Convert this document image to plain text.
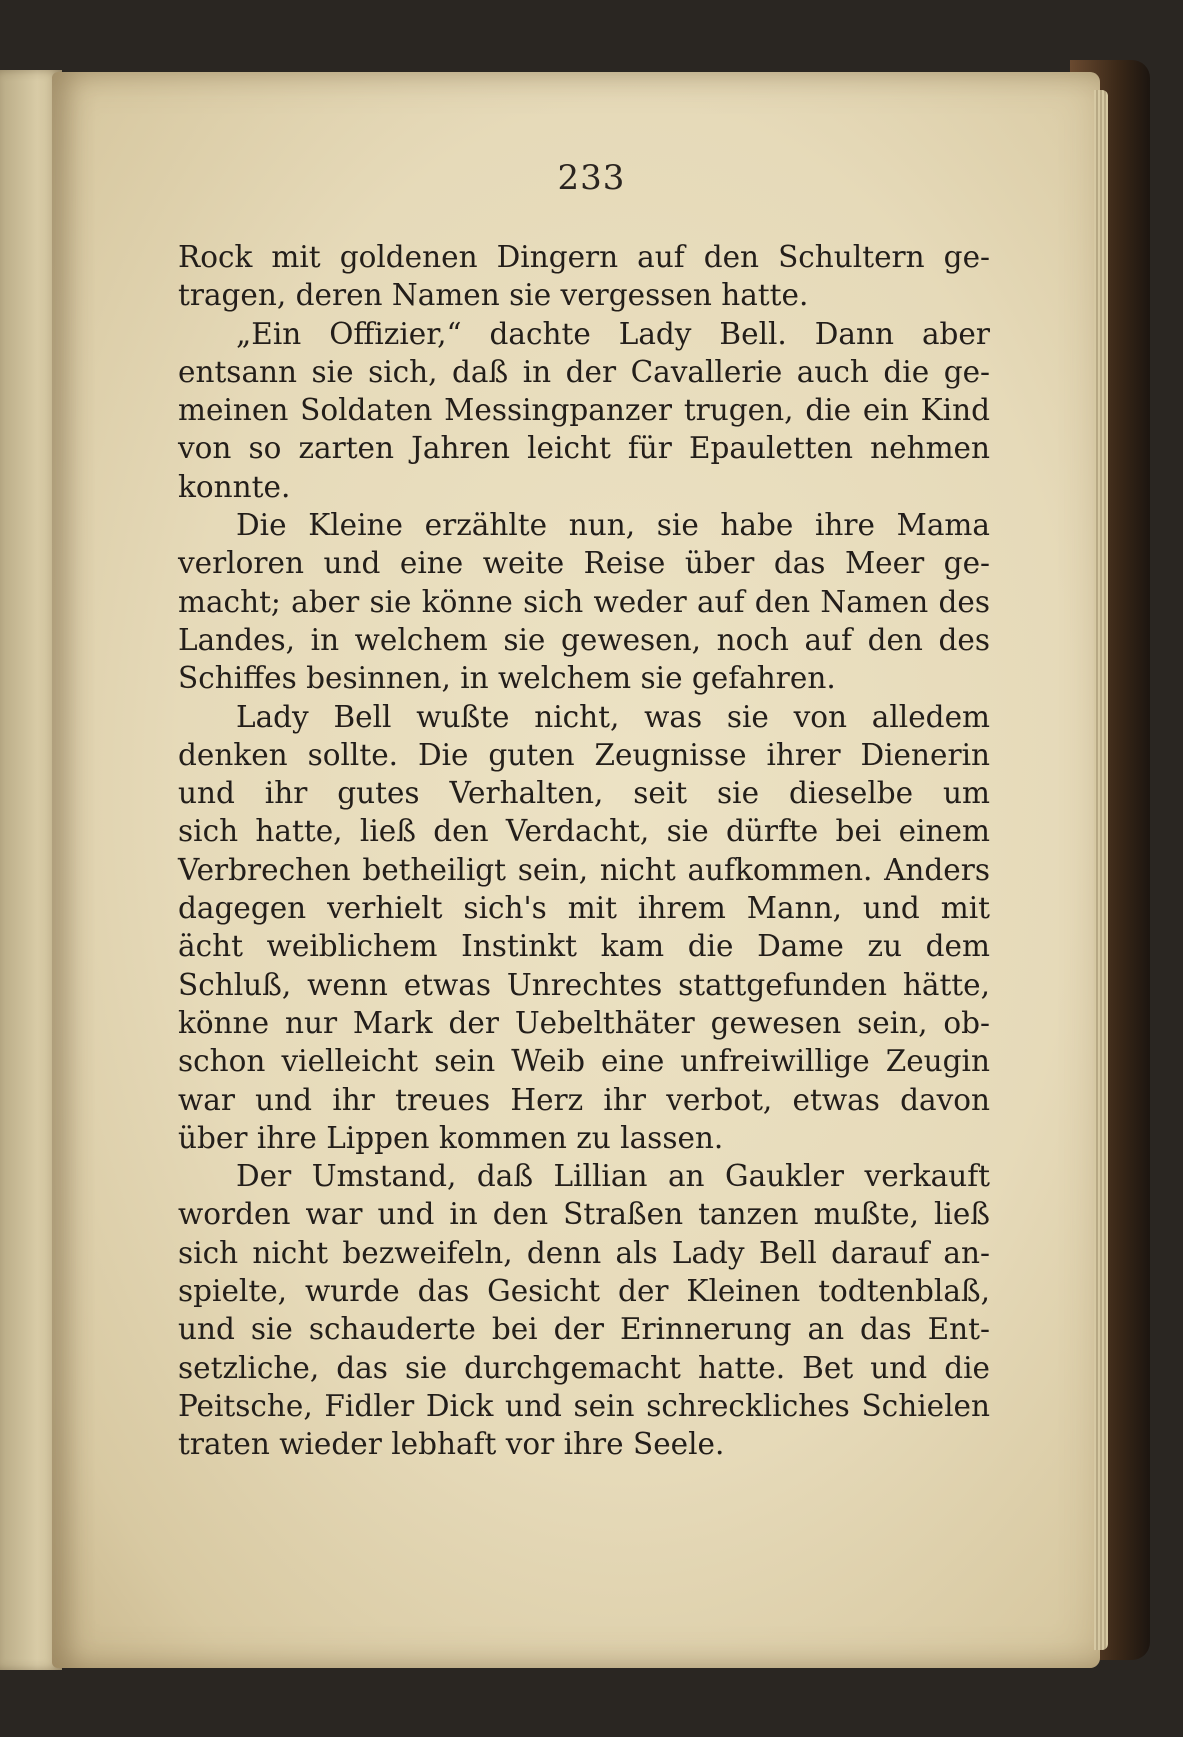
233
Rock mit goldenen Dingern auf den Schultern ge-
tragen, deren Namen sie vergessen hatte.
„Ein Offizier,“ dachte Lady Bell. Dann aber
entsann sie sich, daß in der Cavallerie auch die ge-
meinen Soldaten Messingpanzer trugen, die ein Kind
von so zarten Jahren leicht für Epauletten nehmen
konnte.
Die Kleine erzählte nun, sie habe ihre Mama
verloren und eine weite Reise über das Meer ge-
macht; aber sie könne sich weder auf den Namen des
Landes, in welchem sie gewesen, noch auf den des
Schiffes besinnen, in welchem sie gefahren.
Lady Bell wußte nicht, was sie von alledem
denken sollte. Die guten Zeugnisse ihrer Dienerin
und ihr gutes Verhalten, seit sie dieselbe um
sich hatte, ließ den Verdacht, sie dürfte bei einem
Verbrechen betheiligt sein, nicht aufkommen. Anders
dagegen verhielt sich's mit ihrem Mann, und mit
ächt weiblichem Instinkt kam die Dame zu dem
Schluß, wenn etwas Unrechtes stattgefunden hätte,
könne nur Mark der Uebelthäter gewesen sein, ob-
schon vielleicht sein Weib eine unfreiwillige Zeugin
war und ihr treues Herz ihr verbot, etwas davon
über ihre Lippen kommen zu lassen.
Der Umstand, daß Lillian an Gaukler verkauft
worden war und in den Straßen tanzen mußte, ließ
sich nicht bezweifeln, denn als Lady Bell darauf an-
spielte, wurde das Gesicht der Kleinen todtenblaß,
und sie schauderte bei der Erinnerung an das Ent-
setzliche, das sie durchgemacht hatte. Bet und die
Peitsche, Fidler Dick und sein schreckliches Schielen
traten wieder lebhaft vor ihre Seele.
